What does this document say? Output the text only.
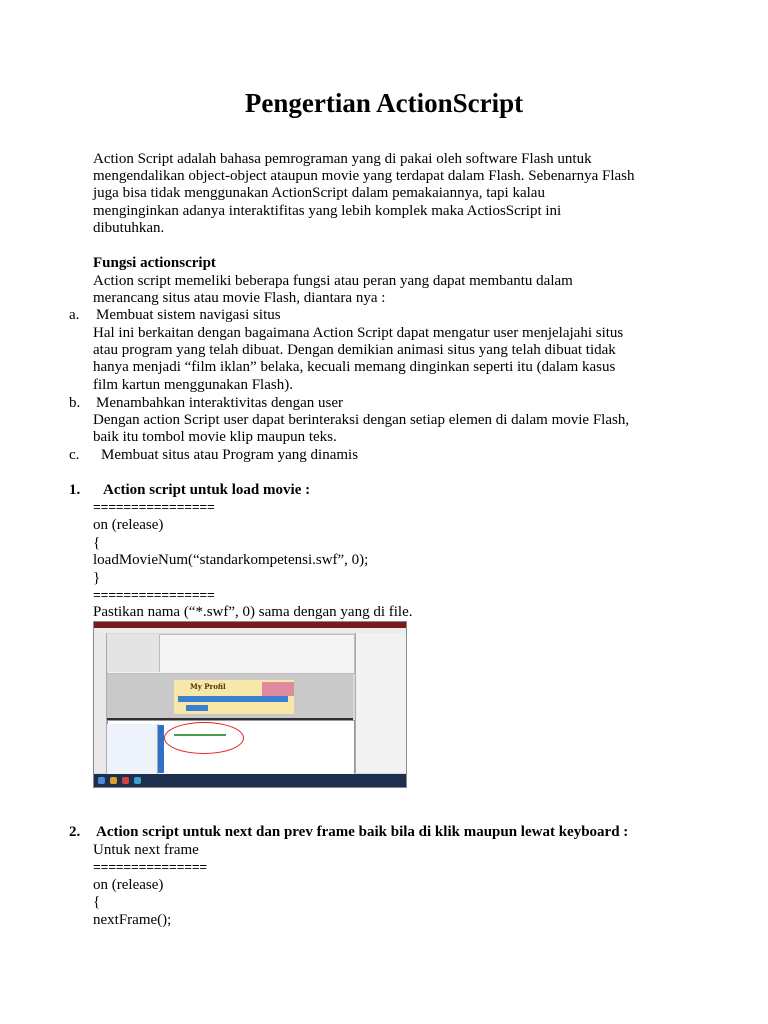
Pengertian ActionScript
Action Script adalah bahasa pemrograman yang di pakai oleh software Flash untuk
mengendalikan object-object ataupun movie yang terdapat dalam Flash. Sebenarnya Flash
juga bisa tidak menggunakan ActionScript dalam pemakaiannya, tapi kalau
menginginkan adanya interaktifitas yang lebih komplek maka ActiosScript ini
dibutuhkan.
Fungsi actionscript
Action script memeliki beberapa fungsi atau peran yang dapat membantu dalam
merancang situs atau movie Flash, diantara nya :
a. Membuat sistem navigasi situs
Hal ini berkaitan dengan bagaimana Action Script dapat mengatur user menjelajahi situs
atau program yang telah dibuat. Dengan demikian animasi situs yang telah dibuat tidak
hanya menjadi “film iklan” belaka, kecuali memang dinginkan seperti itu (dalam kasus
film kartun menggunakan Flash).
b. Menambahkan interaktivitas dengan user
Dengan action Script user dapat berinteraksi dengan setiap elemen di dalam movie Flash,
baik itu tombol movie klip maupun teks.
c. Membuat situs atau Program yang dinamis
1. Action script untuk load movie :
================
on (release)
{
loadMovieNum(“standarkompetensi.swf”, 0);
}
================
Pastikan nama (“*.swf”, 0) sama dengan yang di file.
My Profil
2. Action script untuk next dan prev frame baik bila di klik maupun lewat keyboard :
Untuk next frame
===============
on (release)
{
nextFrame();
